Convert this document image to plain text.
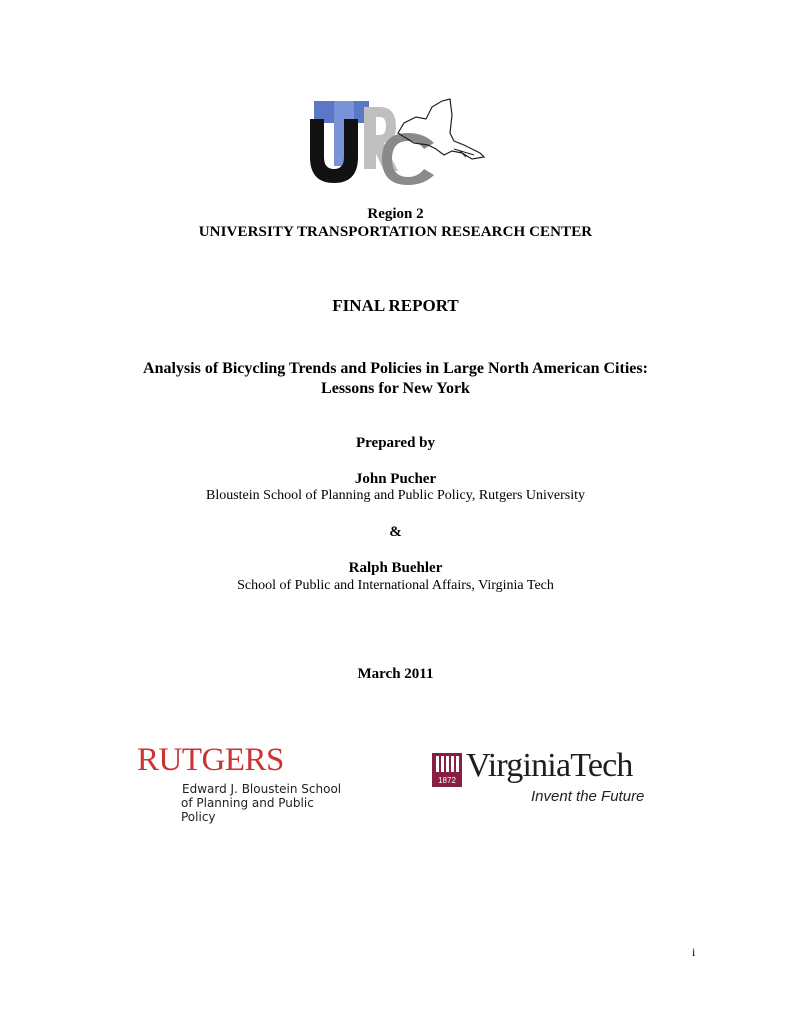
Region 2
UNIVERSITY TRANSPORTATION RESEARCH CENTER
FINAL REPORT
Analysis of Bicycling Trends and Policies in Large North American Cities:
Lessons for New York
Prepared by
John Pucher
Bloustein School of Planning and Public Policy, Rutgers University
&
Ralph Buehler
School of Public and International Affairs, Virginia Tech
March 2011
RUTGERS
Edward J. Bloustein School
of Planning and Public Policy
1872 VirginiaTech
Invent the Future
i
